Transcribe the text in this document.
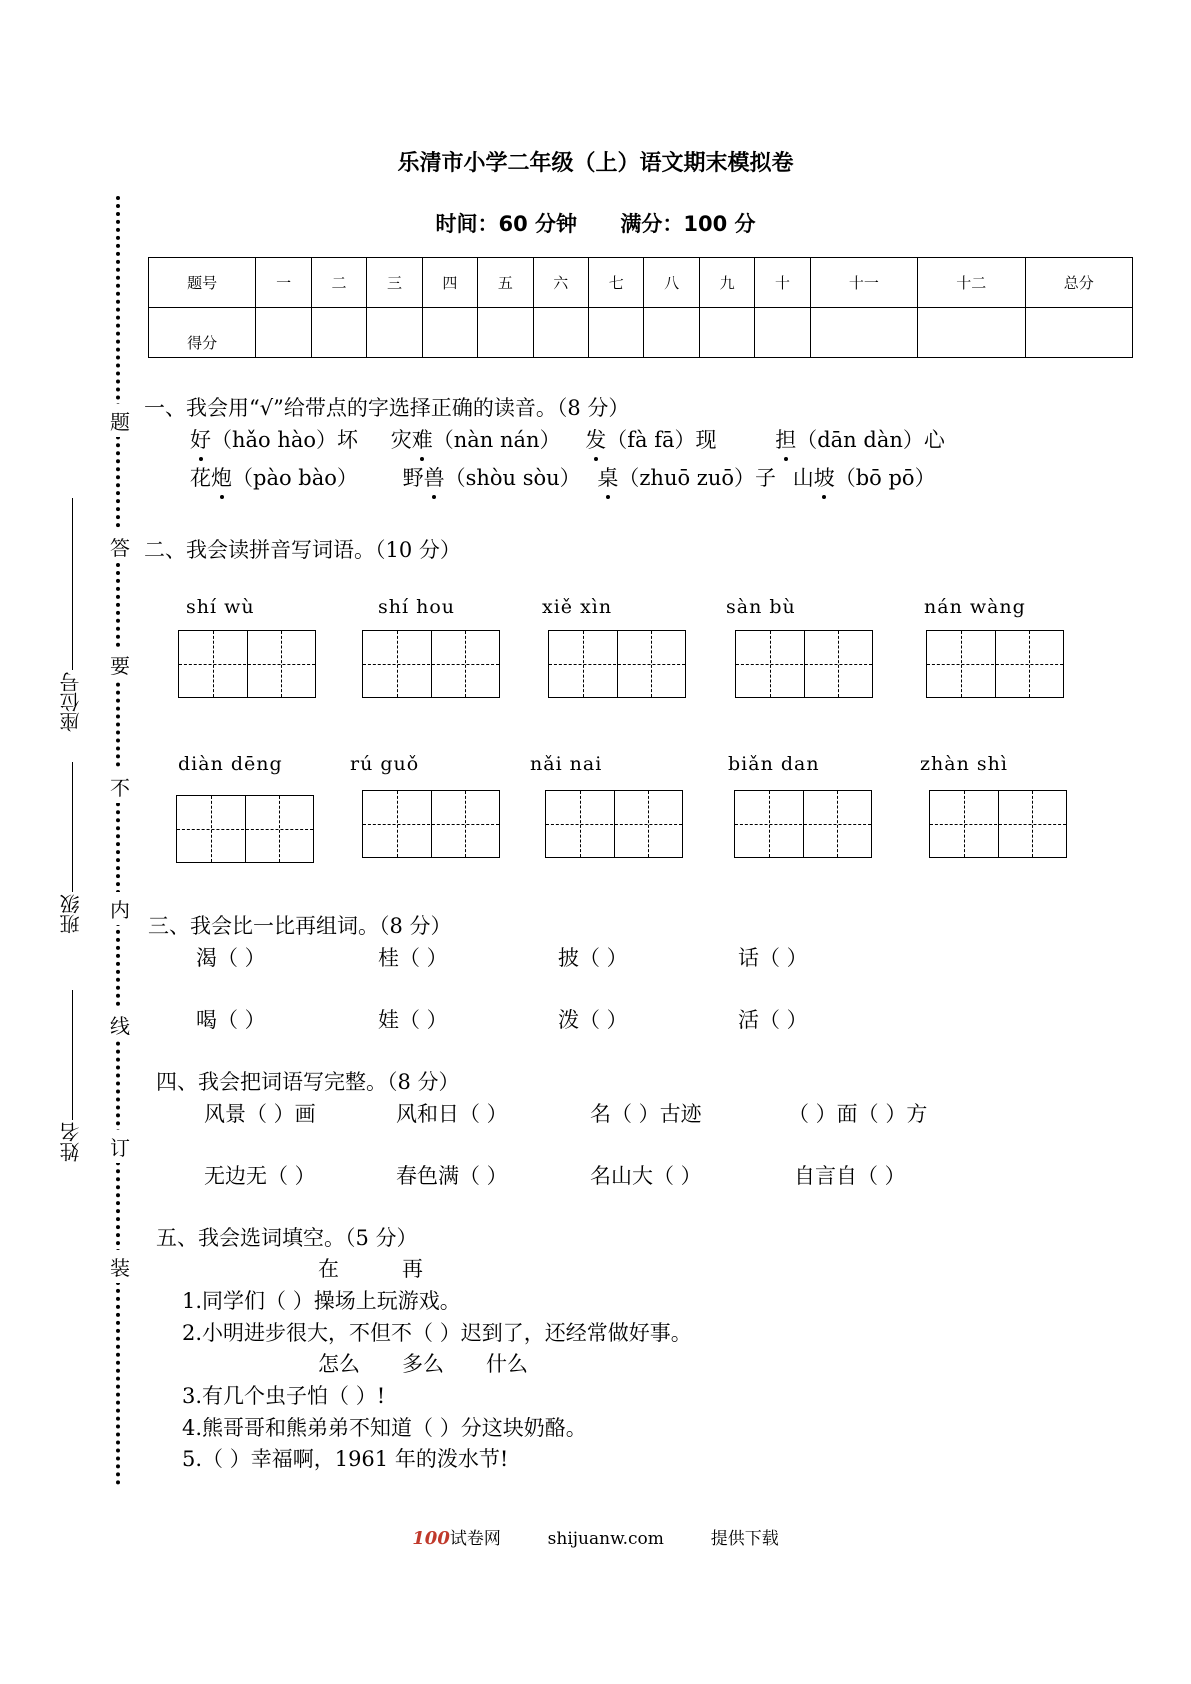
乐清市小学二年级（上）语文期末模拟卷
时间：60 分钟 满分：100 分
题号	一	二	三	四	五	六	七	八	九	十	十一	十二	总分
得分													
题
答
要
不
内
线
订
装
座位号
班级
姓名
一、我会用“√”给带点的字选择正确的读音。（8 分）
好（hǎo hào）坏 灾难（nàn nán） 发（fà fā）现	担（dān dàn）心
花炮（pào bào） 野兽（shòu sòu） 桌（zhuō zuō）子 山坡（bō pō）
二、我会读拼音写词语。（10 分）
shí wù	shí hou	xiě xìn	sàn bù	nán wàng
diàn dēng	rú guǒ	nǎi nai	biǎn dan	zhàn shì
三、我会比一比再组词。（8 分）
渴（ ）	桂（ ）	披（ ）	话（ ）
喝（ ）	娃（ ）	泼（ ）	活（ ）
四、我会把词语写完整。（8 分）
风景（ ）画	风和日（ ）	名（ ）古迹	（ ）面（ ）方
无边无（ ）	春色满（ ）	名山大（ ）	自言自（ ）
五、我会选词填空。（5 分）
在	再
1.同学们（ ）操场上玩游戏。
2.小明进步很大，不但不（ ）迟到了，还经常做好事。
怎么 多么 什么
3.有几个虫子怕（ ）!
4.熊哥哥和熊弟弟不知道（ ）分这块奶酪。
5.（ ）幸福啊，1961 年的泼水节!
100试卷网	shijuanw.com	提供下载
